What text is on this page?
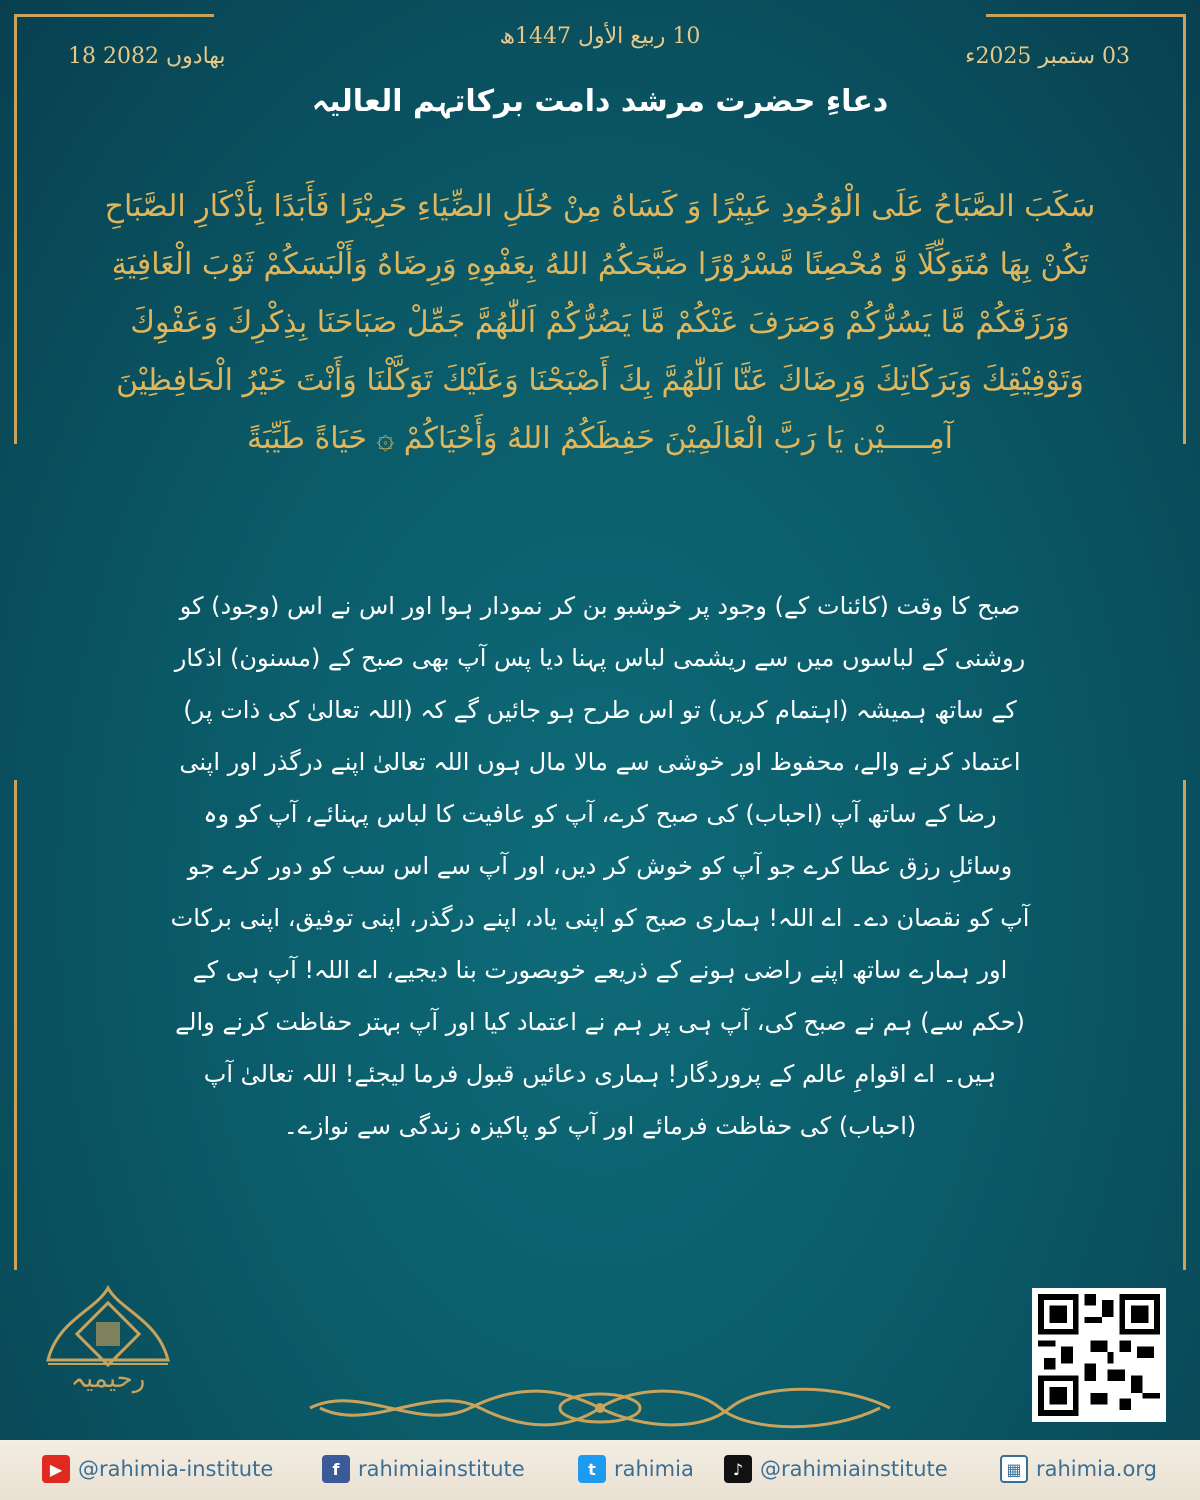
18 بھادوں 2082	03 ستمبر 2025ء
10 ربیع الأول 1447ھ
دعاءِ حضرت مرشد دامت برکاتہم العالیہ
سَكَبَ الصَّبَاحُ عَلَى الْوُجُودِ عَبِيْرًا وَ كَسَاهُ مِنْ حُلَلِ الضِّيَاءِ حَرِيْرًا فَأَبَدًا بِأَذْكَارِ الصَّبَاحِ تَكُنْ بِهَا مُتَوَكِّلًا وَّ مُحْصِنًا مَّسْرُوْرًا صَبَّحَكُمُ اللهُ بِعَفْوِهِ وَرِضَاهُ وَأَلْبَسَكُمْ ثَوْبَ الْعَافِيَةِ وَرَزَقَكُمْ مَّا يَسُرُّكُمْ وَصَرَفَ عَنْكُمْ مَّا يَضُرُّكُمْ اَللّٰهُمَّ جَمِّلْ صَبَاحَنَا بِذِكْرِكَ وَعَفْوِكَ وَتَوْفِيْقِكَ وَبَرَكَاتِكَ وَرِضَاكَ عَنَّا اَللّٰهُمَّ بِكَ أَصْبَحْنَا وَعَلَيْكَ تَوَكَّلْنَا وَأَنْتَ خَيْرُ الْحَافِظِيْنَ آمِـــــيْن يَا رَبَّ الْعَالَمِيْنَ حَفِظَكُمُ اللهُ وَأَحْيَاكُمْ ۞ حَيَاةً طَيِّبَةً
صبح کا وقت (کائنات کے) وجود پر خوشبو بن کر نمودار ہوا اور اس نے اس (وجود) کو روشنی کے لباسوں میں سے ریشمی لباس پہنا دیا پس آپ بھی صبح کے (مسنون) اذکار کے ساتھ ہمیشہ (اہتمام کریں) تو اس طرح ہو جائیں گے کہ (اللہ تعالیٰ کی ذات پر) اعتماد کرنے والے، محفوظ اور خوشی سے مالا مال ہوں اللہ تعالیٰ اپنے درگذر اور اپنی رضا کے ساتھ آپ (احباب) کی صبح کرے، آپ کو عافیت کا لباس پہنائے، آپ کو وہ وسائلِ رزق عطا کرے جو آپ کو خوش کر دیں، اور آپ سے اس سب کو دور کرے جو آپ کو نقصان دے۔ اے اللہ! ہماری صبح کو اپنی یاد، اپنے درگذر، اپنی توفیق، اپنی برکات اور ہمارے ساتھ اپنے راضی ہونے کے ذریعے خوبصورت بنا دیجیے، اے اللہ! آپ ہی کے (حکم سے) ہم نے صبح کی، آپ ہی پر ہم نے اعتماد کیا اور آپ بہتر حفاظت کرنے والے ہیں۔ اے اقوامِ عالم کے پروردگار! ہماری دعائیں قبول فرما لیجئے! اللہ تعالیٰ آپ (احباب) کی حفاظت فرمائے اور آپ کو پاکیزہ زندگی سے نوازے۔
رحیمیہ
▶ @rahimia-institute	f rahimiainstitute	t rahimia	♪ @rahimiainstitute	▦ rahimia.org
